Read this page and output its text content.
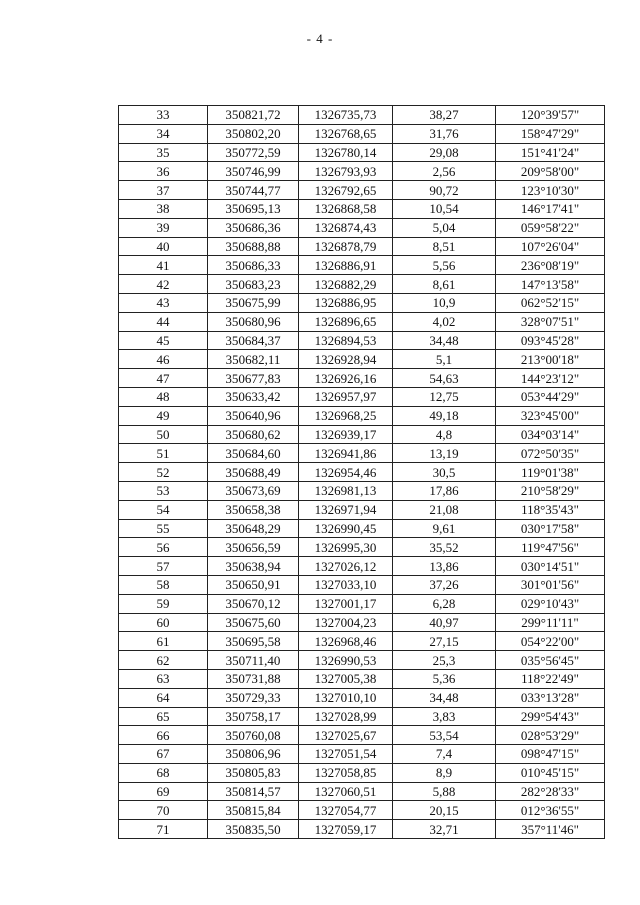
- 4 -
33	350821,72	1326735,73	38,27	120°39'57"
34	350802,20	1326768,65	31,76	158°47'29"
35	350772,59	1326780,14	29,08	151°41'24"
36	350746,99	1326793,93	2,56	209°58'00"
37	350744,77	1326792,65	90,72	123°10'30"
38	350695,13	1326868,58	10,54	146°17'41"
39	350686,36	1326874,43	5,04	059°58'22"
40	350688,88	1326878,79	8,51	107°26'04"
41	350686,33	1326886,91	5,56	236°08'19"
42	350683,23	1326882,29	8,61	147°13'58"
43	350675,99	1326886,95	10,9	062°52'15"
44	350680,96	1326896,65	4,02	328°07'51"
45	350684,37	1326894,53	34,48	093°45'28"
46	350682,11	1326928,94	5,1	213°00'18"
47	350677,83	1326926,16	54,63	144°23'12"
48	350633,42	1326957,97	12,75	053°44'29"
49	350640,96	1326968,25	49,18	323°45'00"
50	350680,62	1326939,17	4,8	034°03'14"
51	350684,60	1326941,86	13,19	072°50'35"
52	350688,49	1326954,46	30,5	119°01'38"
53	350673,69	1326981,13	17,86	210°58'29"
54	350658,38	1326971,94	21,08	118°35'43"
55	350648,29	1326990,45	9,61	030°17'58"
56	350656,59	1326995,30	35,52	119°47'56"
57	350638,94	1327026,12	13,86	030°14'51"
58	350650,91	1327033,10	37,26	301°01'56"
59	350670,12	1327001,17	6,28	029°10'43"
60	350675,60	1327004,23	40,97	299°11'11"
61	350695,58	1326968,46	27,15	054°22'00"
62	350711,40	1326990,53	25,3	035°56'45"
63	350731,88	1327005,38	5,36	118°22'49"
64	350729,33	1327010,10	34,48	033°13'28"
65	350758,17	1327028,99	3,83	299°54'43"
66	350760,08	1327025,67	53,54	028°53'29"
67	350806,96	1327051,54	7,4	098°47'15"
68	350805,83	1327058,85	8,9	010°45'15"
69	350814,57	1327060,51	5,88	282°28'33"
70	350815,84	1327054,77	20,15	012°36'55"
71	350835,50	1327059,17	32,71	357°11'46"
